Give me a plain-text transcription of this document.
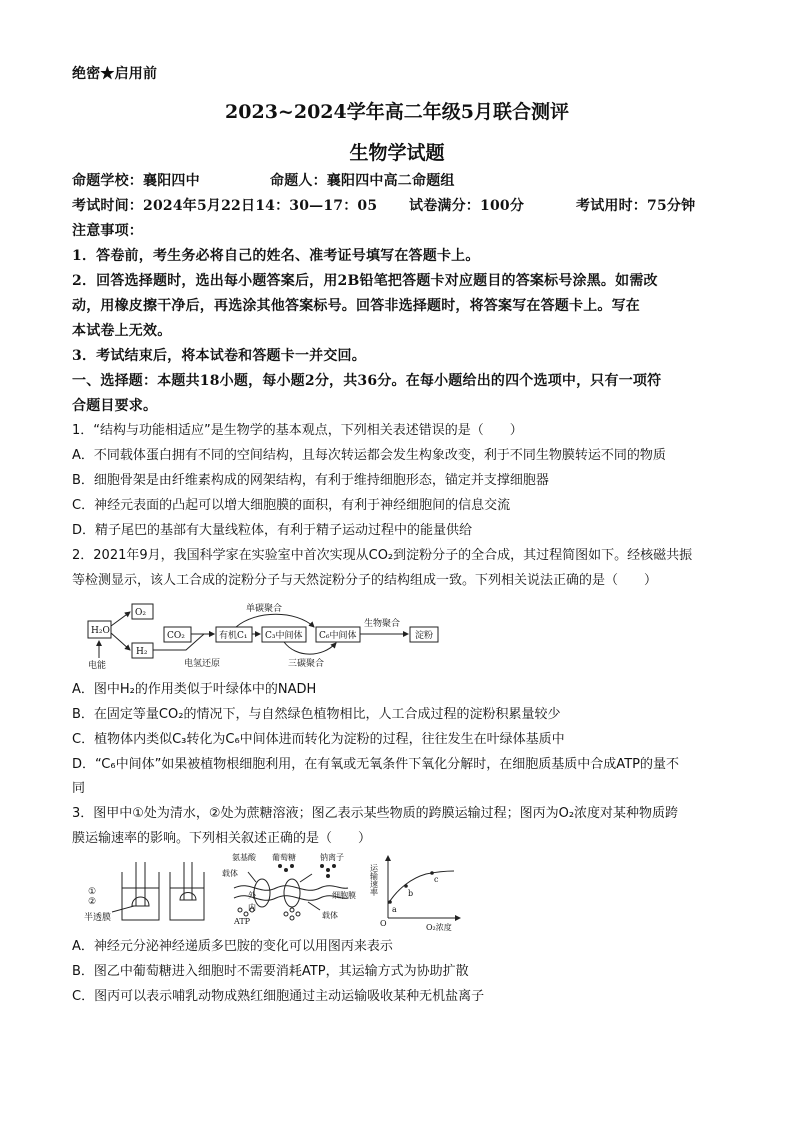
绝密★启用前
2023~2024学年高二年级5月联合测评
生物学试题
命题学校：襄阳四中	命题人：襄阳四中高二命题组
考试时间：2024年5月22日14：30—17：05 试卷满分：100分	考试用时：75分钟
注意事项：
1．答卷前，考生务必将自己的姓名、准考证号填写在答题卡上。
2．回答选择题时，选出每小题答案后，用2B铅笔把答题卡对应题目的答案标号涂黑。如需改
动，用橡皮擦干净后，再选涂其他答案标号。回答非选择题时，将答案写在答题卡上。写在
本试卷上无效。
3．考试结束后，将本试卷和答题卡一并交回。
一、选择题：本题共18小题，每小题2分，共36分。在每小题给出的四个选项中，只有一项符
合题目要求。
1．“结构与功能相适应”是生物学的基本观点，下列相关表述错误的是（　　）
A．不同载体蛋白拥有不同的空间结构，且每次转运都会发生构象改变，利于不同生物膜转运不同的物质
B．细胞骨架是由纤维素构成的网架结构，有利于维持细胞形态，锚定并支撑细胞器
C．神经元表面的凸起可以增大细胞膜的面积，有利于神经细胞间的信息交流
D．精子尾巴的基部有大量线粒体，有利于精子运动过程中的能量供给
2．2021年9月，我国科学家在实验室中首次实现从CO₂到淀粉分子的全合成，其过程简图如下。经核磁共振
等检测显示，该人工合成的淀粉分子与天然淀粉分子的结构组成一致。下列相关说法正确的是（　　）
H₂O
O₂
H₂
CO₂	有机C₁ C₃中间体 C₆中间体	淀粉
电能	电氢还原
单碳聚合
三碳聚合
生物聚合
A．图中H₂的作用类似于叶绿体中的NADH
B．在固定等量CO₂的情况下，与自然绿色植物相比，人工合成过程的淀粉积累量较少
C．植物体内类似C₃转化为C₆中间体进而转化为淀粉的过程，往往发生在叶绿体基质中
D．“C₆中间体”如果被植物根细胞利用，在有氧或无氧条件下氧化分解时，在细胞质基质中合成ATP的量不
同
3．图甲中①处为清水，②处为蔗糖溶液；图乙表示某些物质的跨膜运输过程；图丙为O₂浓度对某种物质跨
膜运输速率的影响。下列相关叙述正确的是（　　）
①
②
半透膜
氨基酸 葡萄糖	钠离子
载体
外
内
ATP
细胞膜
载体
运输速率
O	O₂浓度
a
b
c
A．神经元分泌神经递质多巴胺的变化可以用图丙来表示
B．图乙中葡萄糖进入细胞时不需要消耗ATP，其运输方式为协助扩散
C．图丙可以表示哺乳动物成熟红细胞通过主动运输吸收某种无机盐离子
